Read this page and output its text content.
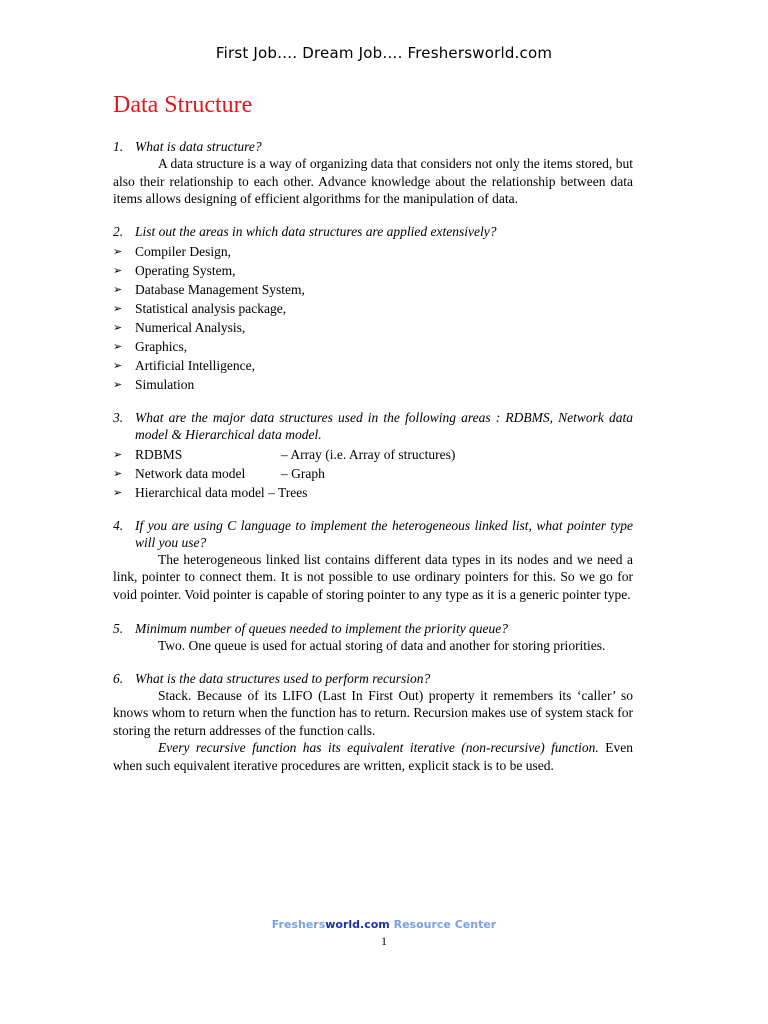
First Job…. Dream Job…. Freshersworld.com
Data Structure
1. What is data structure?
A data structure is a way of organizing data that considers not only the items stored, but also their relationship to each other. Advance knowledge about the relationship between data items allows designing of efficient algorithms for the manipulation of data.
2. List out the areas in which data structures are applied extensively?
➢ Compiler Design,
➢ Operating System,
➢ Database Management System,
➢ Statistical analysis package,
➢ Numerical Analysis,
➢ Graphics,
➢ Artificial Intelligence,
➢ Simulation
3. What are the major data structures used in the following areas : RDBMS, Network data model & Hierarchical data model.
➢ RDBMS	– Array (i.e. Array of structures)
➢ Network data model	– Graph
➢ Hierarchical data model
– Trees
4. If you are using C language to implement the heterogeneous linked list, what pointer type will you use?
The heterogeneous linked list contains different data types in its nodes and we need a link, pointer to connect them. It is not possible to use ordinary pointers for this. So we go for void pointer. Void pointer is capable of storing pointer to any type as it is a generic pointer type.
5. Minimum number of queues needed to implement the priority queue?
Two. One queue is used for actual storing of data and another for storing priorities.
6. What is the data structures used to perform recursion?
Stack. Because of its LIFO (Last In First Out) property it remembers its ‘caller’ so knows whom to return when the function has to return. Recursion makes use of system stack for storing the return addresses of the function calls.
Every recursive function has its equivalent iterative (non-recursive) function. Even when such equivalent iterative procedures are written, explicit stack is to be used.
Freshersworld.com Resource Center
1
